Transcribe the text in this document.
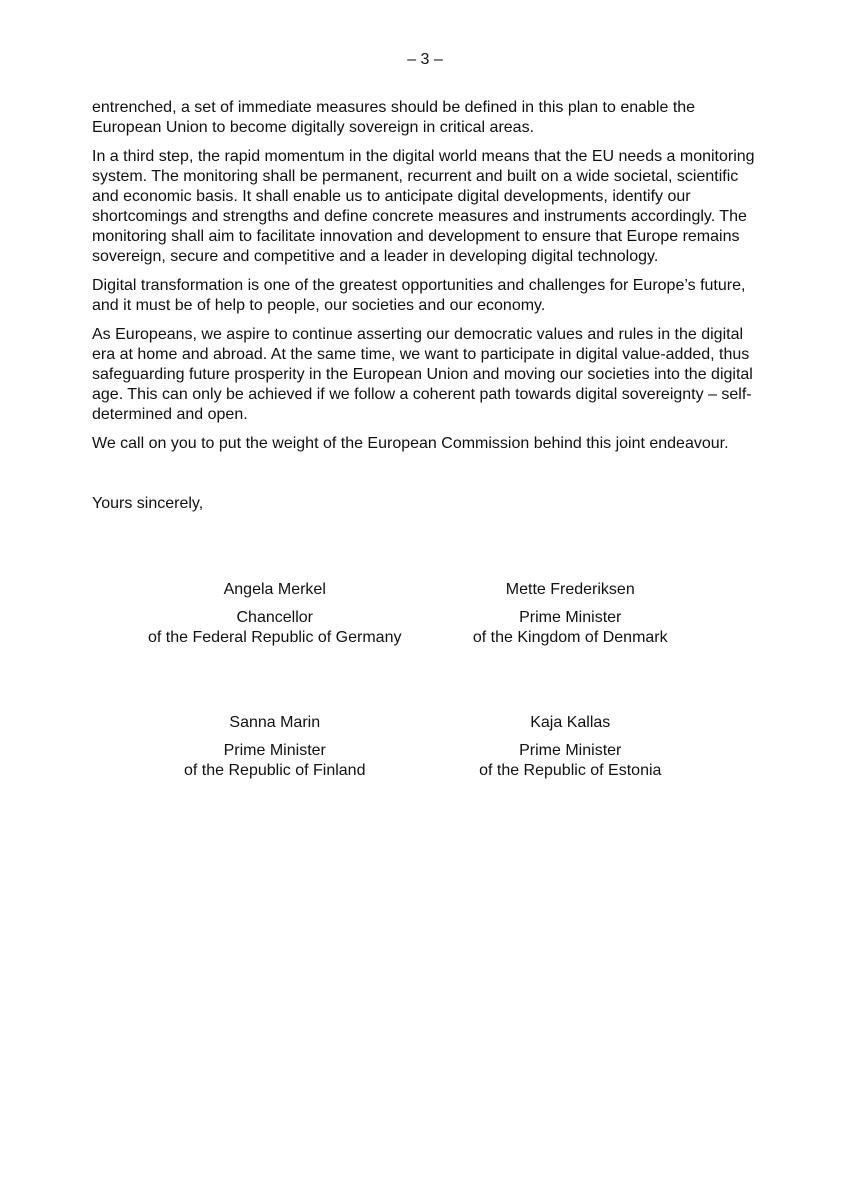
– 3 –

entrenched, a set of immediate measures should be defined in this plan to enable the European Union to become digitally sovereign in critical areas.

In a third step, the rapid momentum in the digital world means that the EU needs a monitoring system. The monitoring shall be permanent, recurrent and built on a wide societal, scientific and economic basis. It shall enable us to anticipate digital developments, identify our shortcomings and strengths and define concrete measures and instruments accordingly. The monitoring shall aim to facilitate innovation and development to ensure that Europe remains sovereign, secure and competitive and a leader in developing digital technology.

Digital transformation is one of the greatest opportunities and challenges for Europe’s future, and it must be of help to people, our societies and our economy.

As Europeans, we aspire to continue asserting our democratic values and rules in the digital era at home and abroad. At the same time, we want to participate in digital value-added, thus safeguarding future prosperity in the European Union and moving our societies into the digital age. This can only be achieved if we follow a coherent path towards digital sovereignty – self-determined and open.

We call on you to put the weight of the European Commission behind this joint endeavour.

Yours sincerely,

Angela Merkel
Chancellor
of the Federal Republic of Germany
Mette Frederiksen
Prime Minister
of the Kingdom of Denmark
Sanna Marin
Prime Minister
of the Republic of Finland
Kaja Kallas
Prime Minister
of the Republic of Estonia
